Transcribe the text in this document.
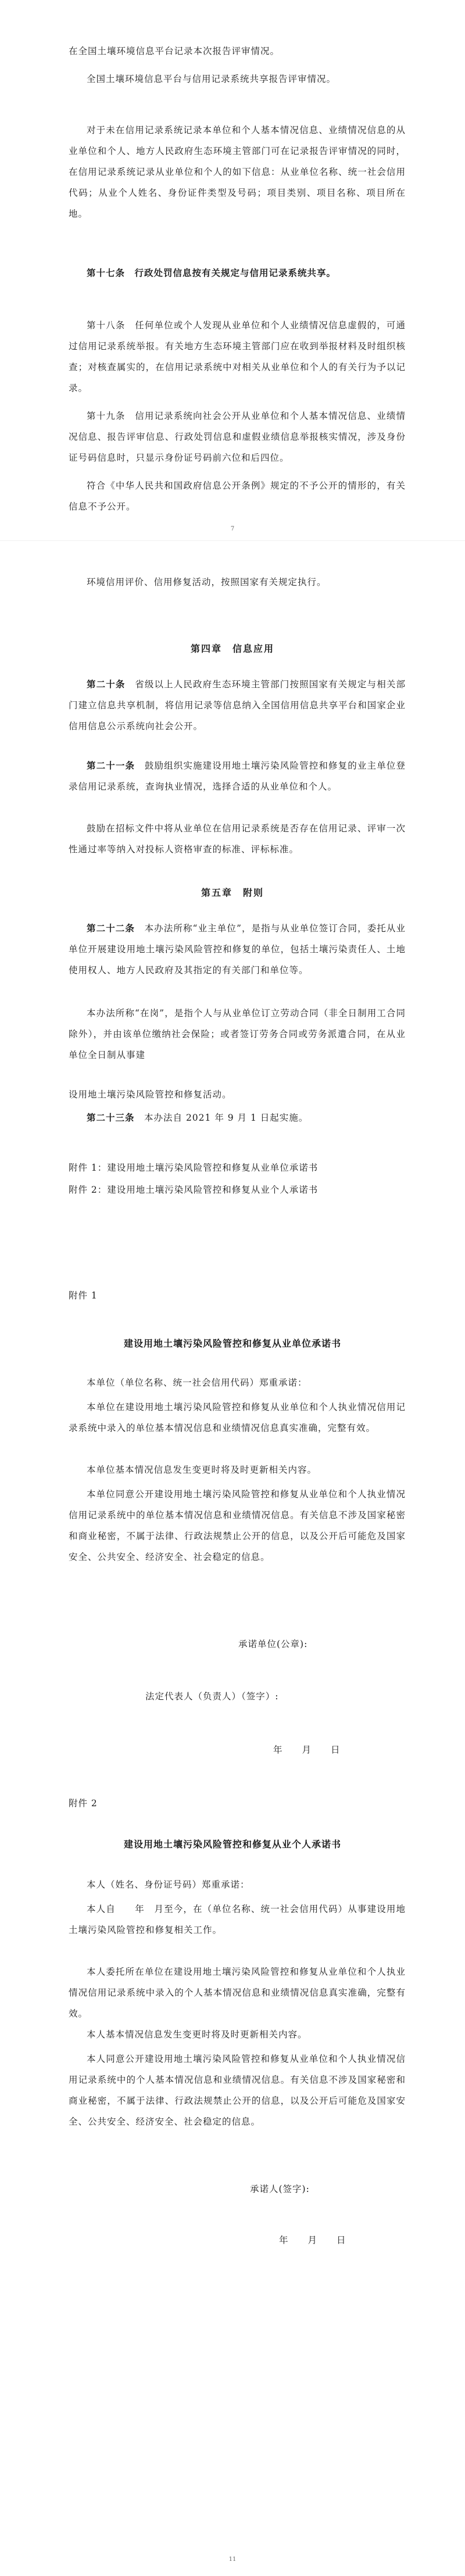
在全国土壤环境信息平台记录本次报告评审情况。

全国土壤环境信息平台与信用记录系统共享报告评审情况。

对于未在信用记录系统记录本单位和个人基本情况信息、业绩情况信息的从业单位和个人、地方人民政府生态环境主管部门可在记录报告评审情况的同时，在信用记录系统记录从业单位和个人的如下信息：从业单位名称、统一社会信用代码；从业个人姓名、身份证件类型及号码；项目类别、项目名称、项目所在地。

第十七条　行政处罚信息按有关规定与信用记录系统共享。

第十八条　任何单位或个人发现从业单位和个人业绩情况信息虚假的，可通过信用记录系统举报。有关地方生态环境主管部门应在收到举报材料及时组织核查；对核查属实的，在信用记录系统中对相关从业单位和个人的有关行为予以记录。

第十九条　信用记录系统向社会公开从业单位和个人基本情况信息、业绩情况信息、报告评审信息、行政处罚信息和虚假业绩信息举报核实情况，涉及身份证号码信息时，只显示身份证号码前六位和后四位。

符合《中华人民共和国政府信息公开条例》规定的不予公开的情形的，有关信息不予公开。

7

环境信用评价、信用修复活动，按照国家有关规定执行。

第四章　信息应用

第二十条　省级以上人民政府生态环境主管部门按照国家有关规定与相关部门建立信息共享机制，将信用记录等信息纳入全国信用信息共享平台和国家企业信用信息公示系统向社会公开。

第二十一条　鼓励组织实施建设用地土壤污染风险管控和修复的业主单位登录信用记录系统，查询执业情况，选择合适的从业单位和个人。

鼓励在招标文件中将从业单位在信用记录系统是否存在信用记录、评审一次性通过率等纳入对投标人资格审查的标准、评标标准。

第五章　附则

第二十二条　本办法所称“业主单位”，是指与从业单位签订合同，委托从业单位开展建设用地土壤污染风险管控和修复的单位，包括土壤污染责任人、土地使用权人、地方人民政府及其指定的有关部门和单位等。

本办法所称“在岗”，是指个人与从业单位订立劳动合同（非全日制用工合同除外），并由该单位缴纳社会保险；或者签订劳务合同或劳务派遣合同，在从业单位全日制从事建

设用地土壤污染风险管控和修复活动。

第二十三条　本办法自 2021 年 9 月 1 日起实施。

附件 1：建设用地土壤污染风险管控和修复从业单位承诺书

附件 2：建设用地土壤污染风险管控和修复从业个人承诺书

附件 1

建设用地土壤污染风险管控和修复从业单位承诺书

本单位（单位名称、统一社会信用代码）郑重承诺：

本单位在建设用地土壤污染风险管控和修复从业单位和个人执业情况信用记录系统中录入的单位基本情况信息和业绩情况信息真实准确，完整有效。

本单位基本情况信息发生变更时将及时更新相关内容。

本单位同意公开建设用地土壤污染风险管控和修复从业单位和个人执业情况信用记录系统中的单位基本情况信息和业绩情况信息。有关信息不涉及国家秘密和商业秘密，不属于法律、行政法规禁止公开的信息，以及公开后可能危及国家安全、公共安全、经济安全、社会稳定的信息。

承诺单位(公章):

法定代表人（负责人）（签字）:

年　　月　　日

附件 2

建设用地土壤污染风险管控和修复从业个人承诺书

本人（姓名、身份证号码）郑重承诺：

本人自　　年　月至今，在（单位名称、统一社会信用代码）从事建设用地土壤污染风险管控和修复相关工作。

本人委托所在单位在建设用地土壤污染风险管控和修复从业单位和个人执业情况信用记录系统中录入的个人基本情况信息和业绩情况信息真实准确，完整有效。

本人基本情况信息发生变更时将及时更新相关内容。

本人同意公开建设用地土壤污染风险管控和修复从业单位和个人执业情况信用记录系统中的个人基本情况信息和业绩情况信息。有关信息不涉及国家秘密和商业秘密，不属于法律、行政法规禁止公开的信息，以及公开后可能危及国家安全、公共安全、经济安全、社会稳定的信息。

承诺人(签字):

年　　月　　日

11
